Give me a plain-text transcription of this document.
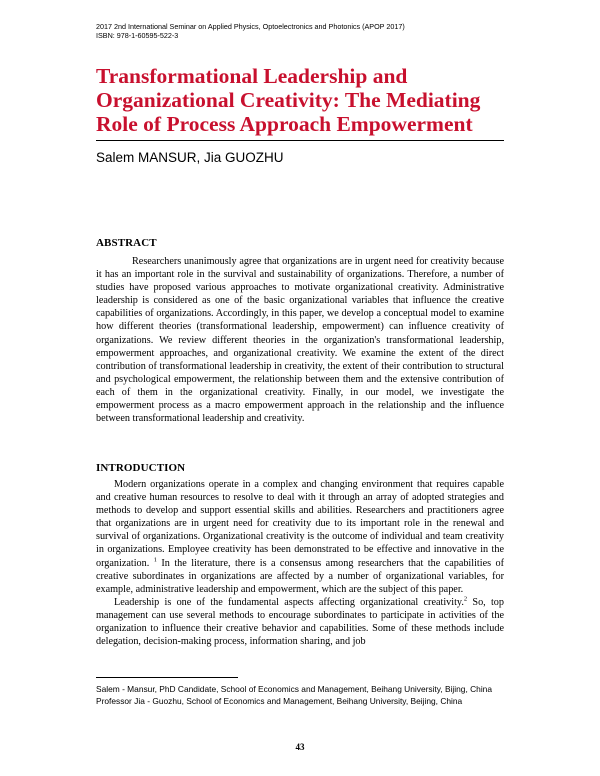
2017 2nd International Seminar on Applied Physics, Optoelectronics and Photonics (APOP 2017)
ISBN: 978-1-60595-522-3
Transformational Leadership and
Organizational Creativity: The Mediating
Role of Process Approach Empowerment
Salem MANSUR, Jia GUOZHU
ABSTRACT

Researchers unanimously agree that organizations are in urgent need for creativity because it has an important role in the survival and sustainability of organizations. Therefore, a number of studies have proposed various approaches to motivate organizational creativity. Administrative leadership is considered as one of the basic organizational variables that influence the creative capabilities of organizations. Accordingly, in this paper, we develop a conceptual model to examine how different theories (transformational leadership, empowerment) can influence creativity of organizations. We review different theories in the organization's transformational leadership, empowerment approaches, and organizational creativity. We examine the extent of the direct contribution of transformational leadership in creativity, the extent of their contribution to structural and psychological empowerment, the relationship between them and the extensive contribution of each of them in the organizational creativity. Finally, in our model, we investigate the empowerment process as a macro empowerment approach in the relationship and the influence between transformational leadership and creativity.

INTRODUCTION

Modern organizations operate in a complex and changing environment that requires capable and creative human resources to resolve to deal with it through an array of adopted strategies and methods to develop and support essential skills and abilities. Researchers and practitioners agree that organizations are in urgent need for creativity due to its important role in the renewal and survival of organizations. Organizational creativity is the outcome of individual and team creativity in organizations. Employee creativity has been demonstrated to be effective and innovative in the organization. $^1$ In the literature, there is a consensus among researchers that the capabilities of creative subordinates in organizations are affected by a number of organizational variables, for example, administrative leadership and empowerment, which are the subject of this paper.

Leadership is one of the fundamental aspects affecting organizational creativity.$^2$ So, top management can use several methods to encourage subordinates to participate in activities of the organization to influence their creative behavior and capabilities. Some of these methods include delegation, decision-making process, information sharing, and job

Salem - Mansur, PhD Candidate, School of Economics and Management, Beihang University, Bijing, China
Professor Jia - Guozhu, School of Economics and Management, Beihang University, Beijing, China
43
